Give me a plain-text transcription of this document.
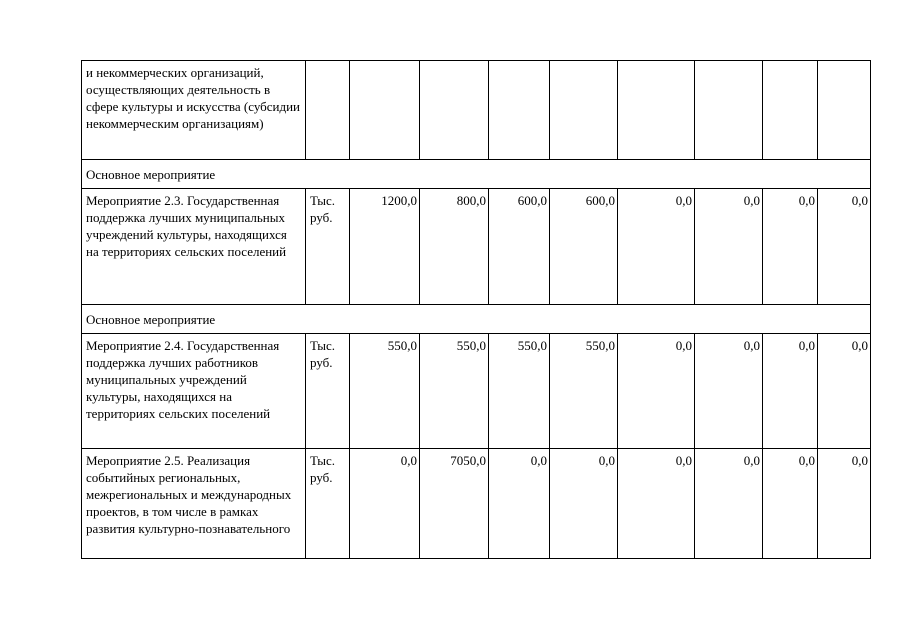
и некоммерческих организаций, осуществляющих деятельность в сфере культуры и искусства (субсидии некоммерческим организациям)									
Основное мероприятие									
Мероприятие 2.3. Государственная поддержка лучших муниципальных учреждений культуры, находящихся на территориях сельских поселений	Тыс. руб.	1200,0	800,0	600,0	600,0	0,0	0,0	0,0	0,0
Основное мероприятие									
Мероприятие 2.4. Государственная поддержка лучших работников муниципальных учреждений культуры, находящихся на территориях сельских поселений	Тыс. руб.	550,0	550,0	550,0	550,0	0,0	0,0	0,0	0,0
Мероприятие 2.5. Реализация событийных региональных, межрегиональных и международных проектов, в том числе в рамках развития культурно-познавательного	Тыс. руб.	0,0	7050,0	0,0	0,0	0,0	0,0	0,0	0,0
